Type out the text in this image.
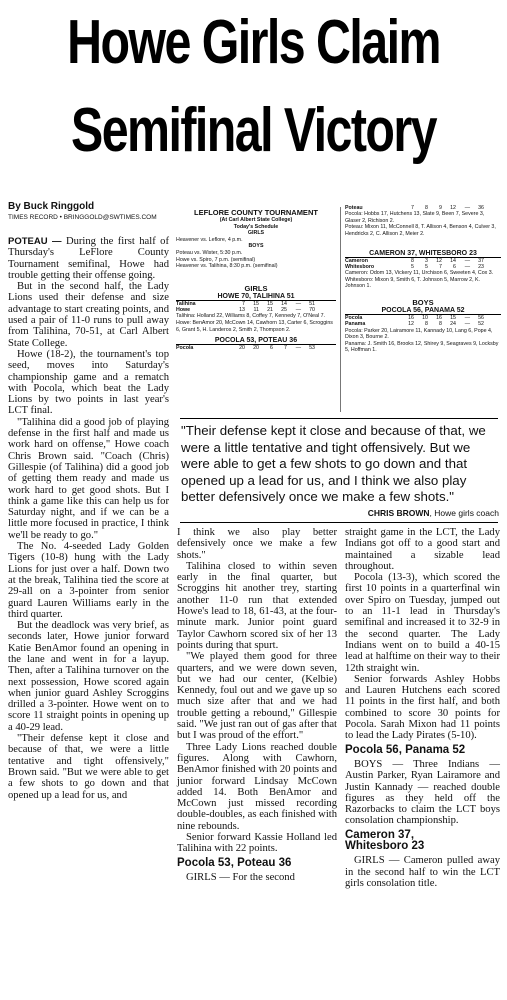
Howe Girls Claim
Semifinal Victory
By Buck Ringgold
TIMES RECORD • BRINGGOLD@SWTIMES.COM

POTEAU — During the first half of Thursday's LeFlore County Tournament semifinal, Howe had trouble getting their offense going.

But in the second half, the Lady Lions used their defense and size advantage to start creating points, and used a pair of 11-0 runs to pull away from Talihina, 70-51, at Carl Albert State College.

Howe (18-2), the tournament's top seed, moves into Saturday's championship game and a rematch with Pocola, which beat the Lady Lions by two points in last year's LCT final.

"Talihina did a good job of playing defense in the first half and made us work hard on offense," Howe coach Chris Brown said. "Coach (Chris) Gillespie (of Talihina) did a good job of getting them ready and made us work hard to get good shots. But I think a game like this can help us for Saturday night, and if we can be a little more focused in practice, I think we'll be ready to go."

The No. 4-seeded Lady Golden Tigers (10-8) hung with the Lady Lions for just over a half. Down two at the break, Talihina tied the score at 29-all on a 3-pointer from senior guard Lauren Williams early in the third quarter.

But the deadlock was very brief, as seconds later, Howe junior forward Katie BenAmor found an opening in the lane and went in for a layup. Then, after a Talihina turnover on the next possession, Howe scored again when junior guard Ashley Scroggins drilled a 3-pointer. Howe went on to score 11 straight points in opening up a 40-29 lead.

"Their defense kept it close and because of that, we were a little tentative and tight offensively," Brown said. "But we were able to get a few shots to go down and that opened up a lead for us, and

LEFLORE COUNTY TOURNAMENT
(At Carl Albert State College)
Today's Schedule
GIRLS
Heavener vs. Leflore, 4 p.m.
BOYS
Poteau vs. Wister, 5:30 p.m.
Howe vs. Spiro, 7 p.m. (semifinal)
Heavener vs. Talihina, 8:30 p.m. (semifinal)
GIRLS
HOWE 70, TALIHINA 51
Talihina	7	15	15	14	—	51
Howe	13	11	21	25	—	70
Talihina: Holland 22, Williams 8, Coffey 7, Kennedy 7, O'Neal 7.
Howe: BenAmor 20, McCown 14, Cawhorn 13, Carter 6, Scroggins 6, Grant 5, H. Landeros 2, Smith 2, Thompson 2.
POCOLA 53, POTEAU 36
Pocola	20	20	6	7	—	53
Poteau	7	8	9	12	—	36
Pocola: Hobbs 17, Hutchens 13, Slate 9, Been 7, Severe 3, Glaser 2, Richison 2.
Poteau: Mixon 11, McConnell 8, T. Allison 4, Benson 4, Culver 3, Hendricks 2, C. Allison 2, Meier 2.
CAMERON 37, WHITESBORO 23
Cameron	8	3	12	14	—	37
Whitesboro	5	5	7	6	—	23
Cameron: Odom 13, Vickery 11, Urchison 6, Sweeten 4, Cox 3.
Whitesboro: Mixon 9, Smith 6, T. Johnson 5, Marrow 2, K. Johnson 1.
BOYS
POCOLA 56, PANAMA 52
Pocola	16	10	16	15	—	56
Panama	12	8	8	24	—	52
Pocola: Parker 20, Lairamore 11, Kannady 10, Lang 6, Pope 4, Dixon 3, Bourne 2.
Panama: J. Smith 16, Brooks 12, Shirey 9, Seagraves 9, Locksby 5, Hoffman 1.
"Their defense kept it close and because of that, we were a little tentative and tight offensively. But we were able to get a few shots to go down and that opened up a lead for us, and I think we also play better defensively once we make a few shots."
CHRIS BROWN, Howe girls coach

I think we also play better defensively once we make a few shots."

Talihina closed to within seven early in the final quarter, but Scroggins hit another trey, starting another 11-0 run that extended Howe's lead to 18, 61-43, at the four-minute mark. Junior point guard Taylor Cawhorn scored six of her 13 points during that spurt.

"We played them good for three quarters, and we were down seven, but we had our center, (Kelbie) Kennedy, foul out and we gave up so much size after that and we had trouble getting a rebound," Gillespie said. "We just ran out of gas after that but I was proud of the effort."

Three Lady Lions reached double figures. Along with Cawhorn, BenAmor finished with 20 points and junior forward Lindsay McCown added 14. Both BenAmor and McCown just missed recording double-doubles, as each finished with nine rebounds.

Senior forward Kassie Holland led Talihina with 22 points.

Pocola 53, Poteau 36

GIRLS — For the second

straight game in the LCT, the Lady Indians got off to a good start and maintained a sizable lead throughout.

Pocola (13-3), which scored the first 10 points in a quarterfinal win over Spiro on Tuesday, jumped out to an 11-1 lead in Thursday's semifinal and increased it to 32-9 in the second quarter. The Lady Indians went on to build a 40-15 lead at halftime on their way to their 12th straight win.

Senior forwards Ashley Hobbs and Lauren Hutchens each scored 11 points in the first half, and both combined to score 30 points for Pocola. Sarah Mixon had 11 points to lead the Lady Pirates (5-10).

Pocola 56, Panama 52

BOYS — Three Indians — Austin Parker, Ryan Lairamore and Justin Kannady — reached double figures as they held off the Razorbacks to claim the LCT boys consolation championship.

Cameron 37,
Whitesboro 23

GIRLS — Cameron pulled away in the second half to win the LCT girls consolation title.
